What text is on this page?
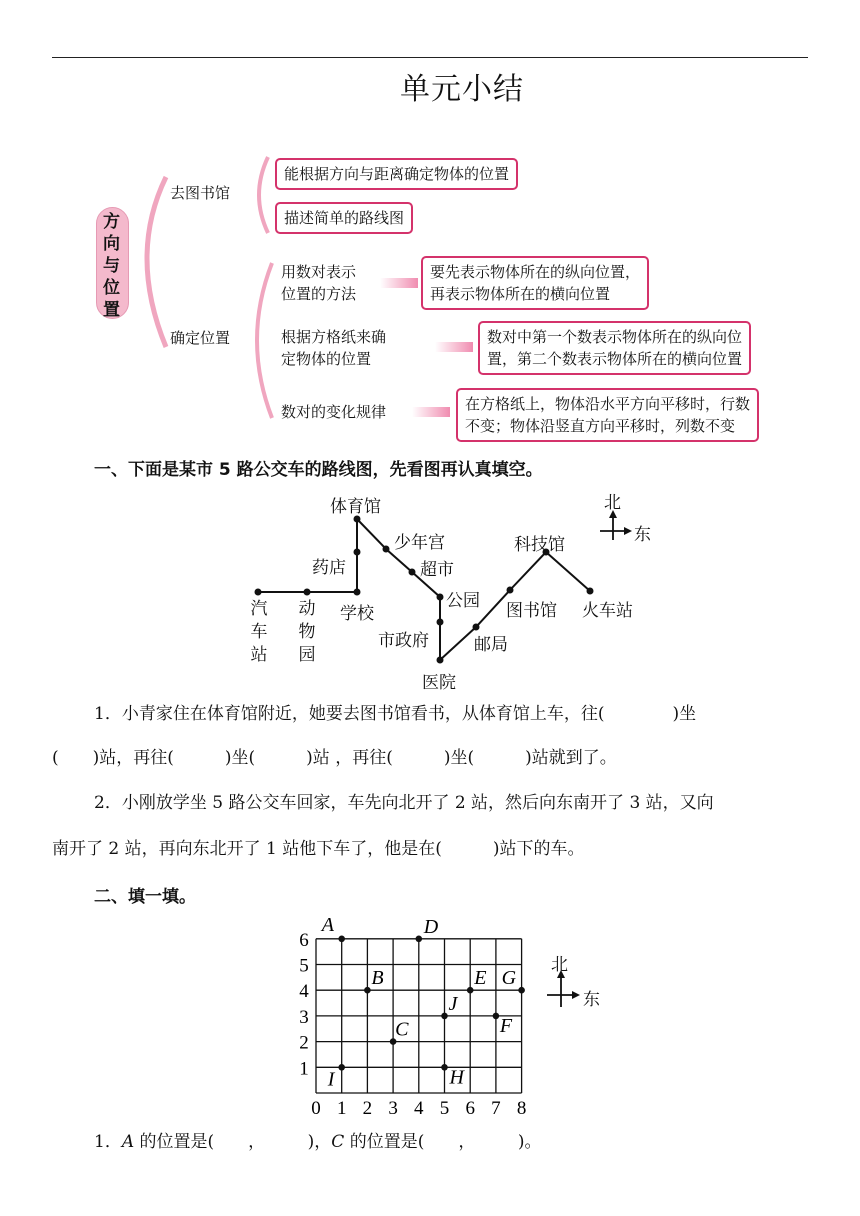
单元小结
方
向
与
位
置
去图书馆
能根据方向与距离确定物体的位置
描述简单的路线图
确定位置
用数对表示
位置的方法
要先表示物体所在的纵向位置，
再表示物体所在的横向位置
根据方格纸来确
定物体的位置
数对中第一个数表示物体所在的纵向位
置，第二个数表示物体所在的横向位置
数对的变化规律	在方格纸上，物体沿水平方向平移时，行数
不变；物体沿竖直方向平移时，列数不变
一、下面是某市 5 路公交车的路线图，先看图再认真填空。
汽
车
站
动
物
园
学校
药店
体育馆
少年宫
超市
公园
市政府
医院
邮局
图书馆
科技馆
火车站
北
东
1．小青家住在体育馆附近，她要去图书馆看书，从体育馆上车，往(　　　　)坐
(　　)站，再往(　　　)坐(　　　)站 ，再往(　　　)坐(　　　)站就到了。
2．小刚放学坐 5 路公交车回家，车先向北开了 2 站，然后向东南开了 3 站，又向
南开了 2 站，再向东北开了 1 站他下车了，他是在(　　　)站下的车。
二、填一填。
0 1 2 3 4 5 6 7 8
1
2
3
4
5
6
A
B
C
D
E
F
G
H
I
J
北
东
1．A 的位置是(　　，　　　)，C 的位置是(　　，　　　)。
